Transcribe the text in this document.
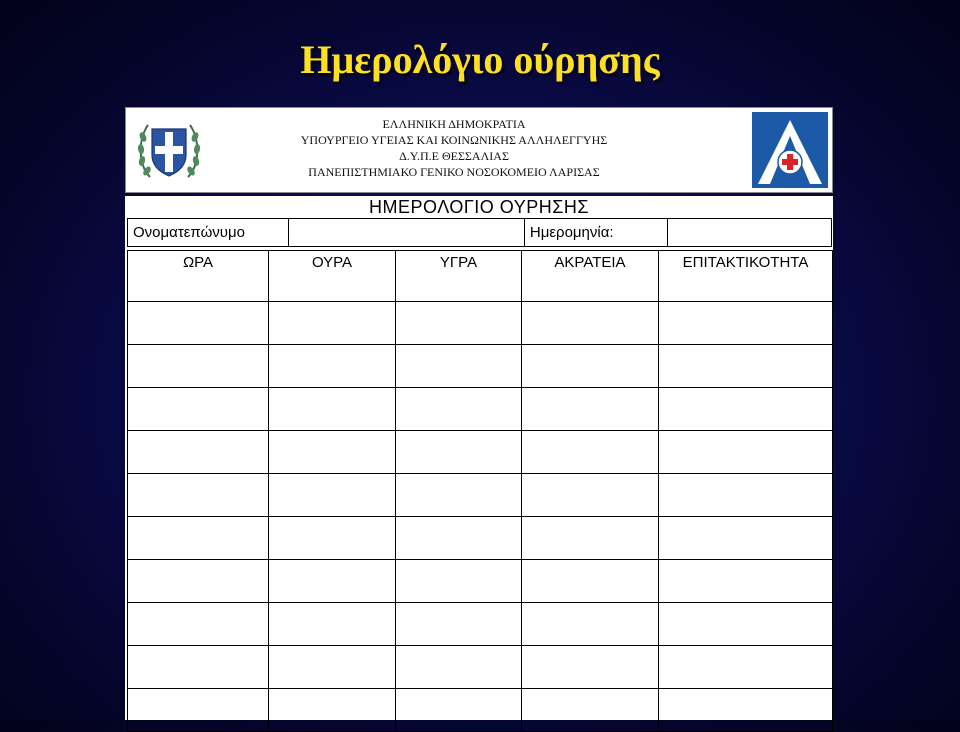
Ημερολόγιο ούρησης
ΕΛΛΗΝΙΚΗ ΔΗΜΟΚΡΑΤΙΑ
ΥΠΟΥΡΓΕΙΟ ΥΓΕΙΑΣ ΚΑΙ ΚΟΙΝΩΝΙΚΗΣ ΑΛΛΗΛΕΓΓΥΗΣ
Δ.Υ.Π.Ε ΘΕΣΣΑΛΙΑΣ
ΠΑΝΕΠΙΣΤΗΜΙΑΚΟ ΓΕΝΙΚΟ ΝΟΣΟΚΟΜΕΙΟ ΛΑΡΙΣΑΣ
ΗΜΕΡΟΛΟΓΙΟ ΟΥΡΗΣΗΣ
Ονοματεπώνυμο	Ημερομηνία:
ΩΡΑ	ΟΥΡΑ	ΥΓΡΑ	ΑΚΡΑΤΕΙΑ	ΕΠΙΤΑΚΤΙΚΟΤΗΤΑ
